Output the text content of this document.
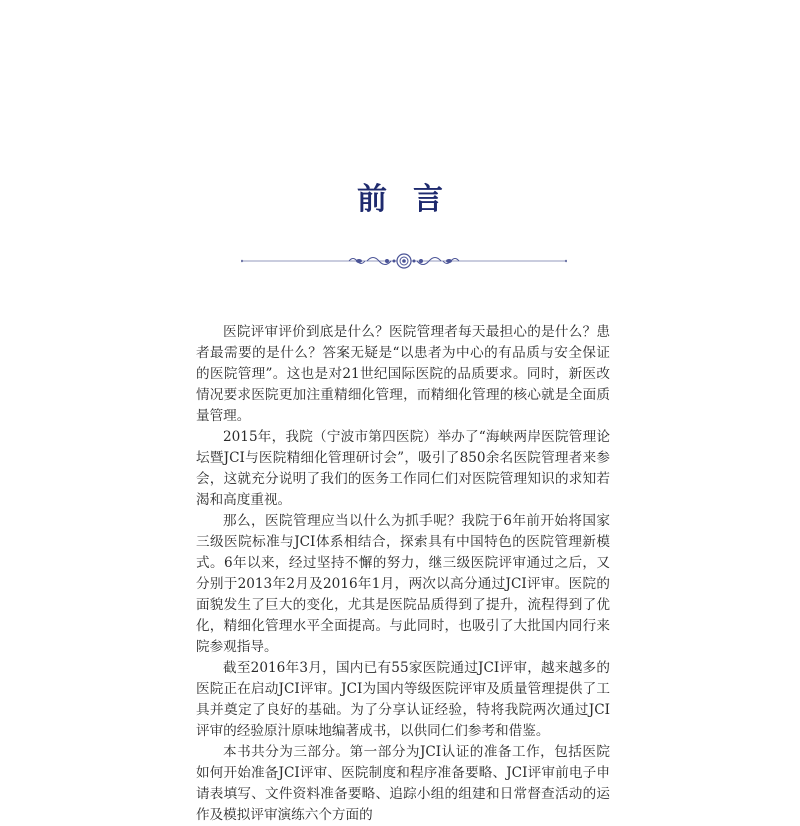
前言

医院评审评价到底是什么？医院管理者每天最担心的是什么？患者最需要的是什么？答案无疑是“以患者为中心的有品质与安全保证的医院管理”。这也是对21世纪国际医院的品质要求。同时，新医改情况要求医院更加注重精细化管理，而精细化管理的核心就是全面质量管理。

2015年，我院（宁波市第四医院）举办了“海峡两岸医院管理论坛暨JCI与医院精细化管理研讨会”，吸引了850余名医院管理者来参会，这就充分说明了我们的医务工作同仁们对医院管理知识的求知若渴和高度重视。

那么，医院管理应当以什么为抓手呢？我院于6年前开始将国家三级医院标准与JCI体系相结合，探索具有中国特色的医院管理新模式。6年以来，经过坚持不懈的努力，继三级医院评审通过之后，又分别于2013年2月及2016年1月，两次以高分通过JCI评审。医院的面貌发生了巨大的变化，尤其是医院品质得到了提升，流程得到了优化，精细化管理水平全面提高。与此同时，也吸引了大批国内同行来院参观指导。

截至2016年3月，国内已有55家医院通过JCI评审，越来越多的医院正在启动JCI评审。JCI为国内等级医院评审及质量管理提供了工具并奠定了良好的基础。为了分享认证经验，特将我院两次通过JCI评审的经验原汁原味地编著成书，以供同仁们参考和借鉴。

本书共分为三部分。第一部分为JCI认证的准备工作，包括医院如何开始准备JCI评审、医院制度和程序准备要略、JCI评审前电子申请表填写、文件资料准备要略、追踪小组的组建和日常督查活动的运作及模拟评审演练六个方面的
